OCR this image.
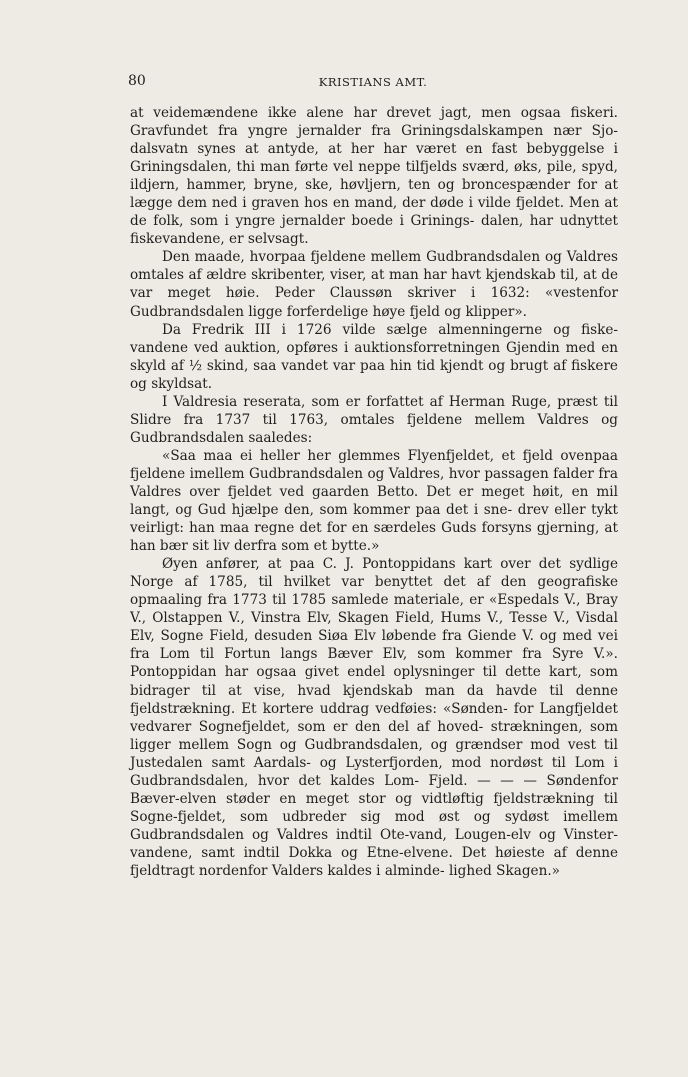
80	KRISTIANS AMT.

at veidemændene ikke alene har drevet jagt, men ogsaa fiskeri. Gravfundet fra yngre jernalder fra Griningsdalskampen nær Sjo- dalsvatn synes at antyde, at her har været en fast bebyggelse i Griningsdalen, thi man førte vel neppe tilfjelds sværd, øks, pile, spyd, ildjern, hammer, bryne, ske, høvljern, ten og broncespænder for at lægge dem ned i graven hos en mand, der døde i vilde fjeldet. Men at de folk, som i yngre jernalder boede i Grinings- dalen, har udnyttet fiskevandene, er selvsagt.

Den maade, hvorpaa fjeldene mellem Gudbrandsdalen og Valdres omtales af ældre skribenter, viser, at man har havt kjendskab til, at de var meget høie. Peder Claussøn skriver i 1632: «vestenfor Gudbrandsdalen ligge forferdelige høye fjeld og klipper».

Da Fredrik III i 1726 vilde sælge almenningerne og fiske- vandene ved auktion, opføres i auktionsforretningen Gjendin med en skyld af ½ skind, saa vandet var paa hin tid kjendt og brugt af fiskere og skyldsat.

I Valdresia reserata, som er forfattet af Herman Ruge, præst til Slidre fra 1737 til 1763, omtales fjeldene mellem Valdres og Gudbrandsdalen saaledes:

«Saa maa ei heller her glemmes Flyenfjeldet, et fjeld ovenpaa fjeldene imellem Gudbrandsdalen og Valdres, hvor passagen falder fra Valdres over fjeldet ved gaarden Betto. Det er meget høit, en mil langt, og Gud hjælpe den, som kommer paa det i sne- drev eller tykt veirligt: han maa regne det for en særdeles Guds forsyns gjerning, at han bær sit liv derfra som et bytte.»

Øyen anfører, at paa C. J. Pontoppidans kart over det sydlige Norge af 1785, til hvilket var benyttet det af den geografiske opmaaling fra 1773 til 1785 samlede materiale, er «Espedals V., Bray V., Olstappen V., Vinstra Elv, Skagen Field, Hums V., Tesse V., Visdal Elv, Sogne Field, desuden Siøa Elv løbende fra Giende V. og med vei fra Lom til Fortun langs Bæver Elv, som kommer fra Syre V.». Pontoppidan har ogsaa givet endel oplysninger til dette kart, som bidrager til at vise, hvad kjendskab man da havde til denne fjeldstrækning. Et kortere uddrag vedføies: «Sønden- for Langfjeldet vedvarer Sognefjeldet, som er den del af hoved- strækningen, som ligger mellem Sogn og Gudbrandsdalen, og grændser mod vest til Justedalen samt Aardals- og Lysterfjorden, mod nordøst til Lom i Gudbrandsdalen, hvor det kaldes Lom- Fjeld. — — — Søndenfor Bæver-elven støder en meget stor og vidtløftig fjeldstrækning til Sogne-fjeldet, som udbreder sig mod øst og sydøst imellem Gudbrandsdalen og Valdres indtil Ote-vand, Lougen-elv og Vinster-vandene, samt indtil Dokka og Etne-elvene. Det høieste af denne fjeldtragt nordenfor Valders kaldes i alminde- lighed Skagen.»
